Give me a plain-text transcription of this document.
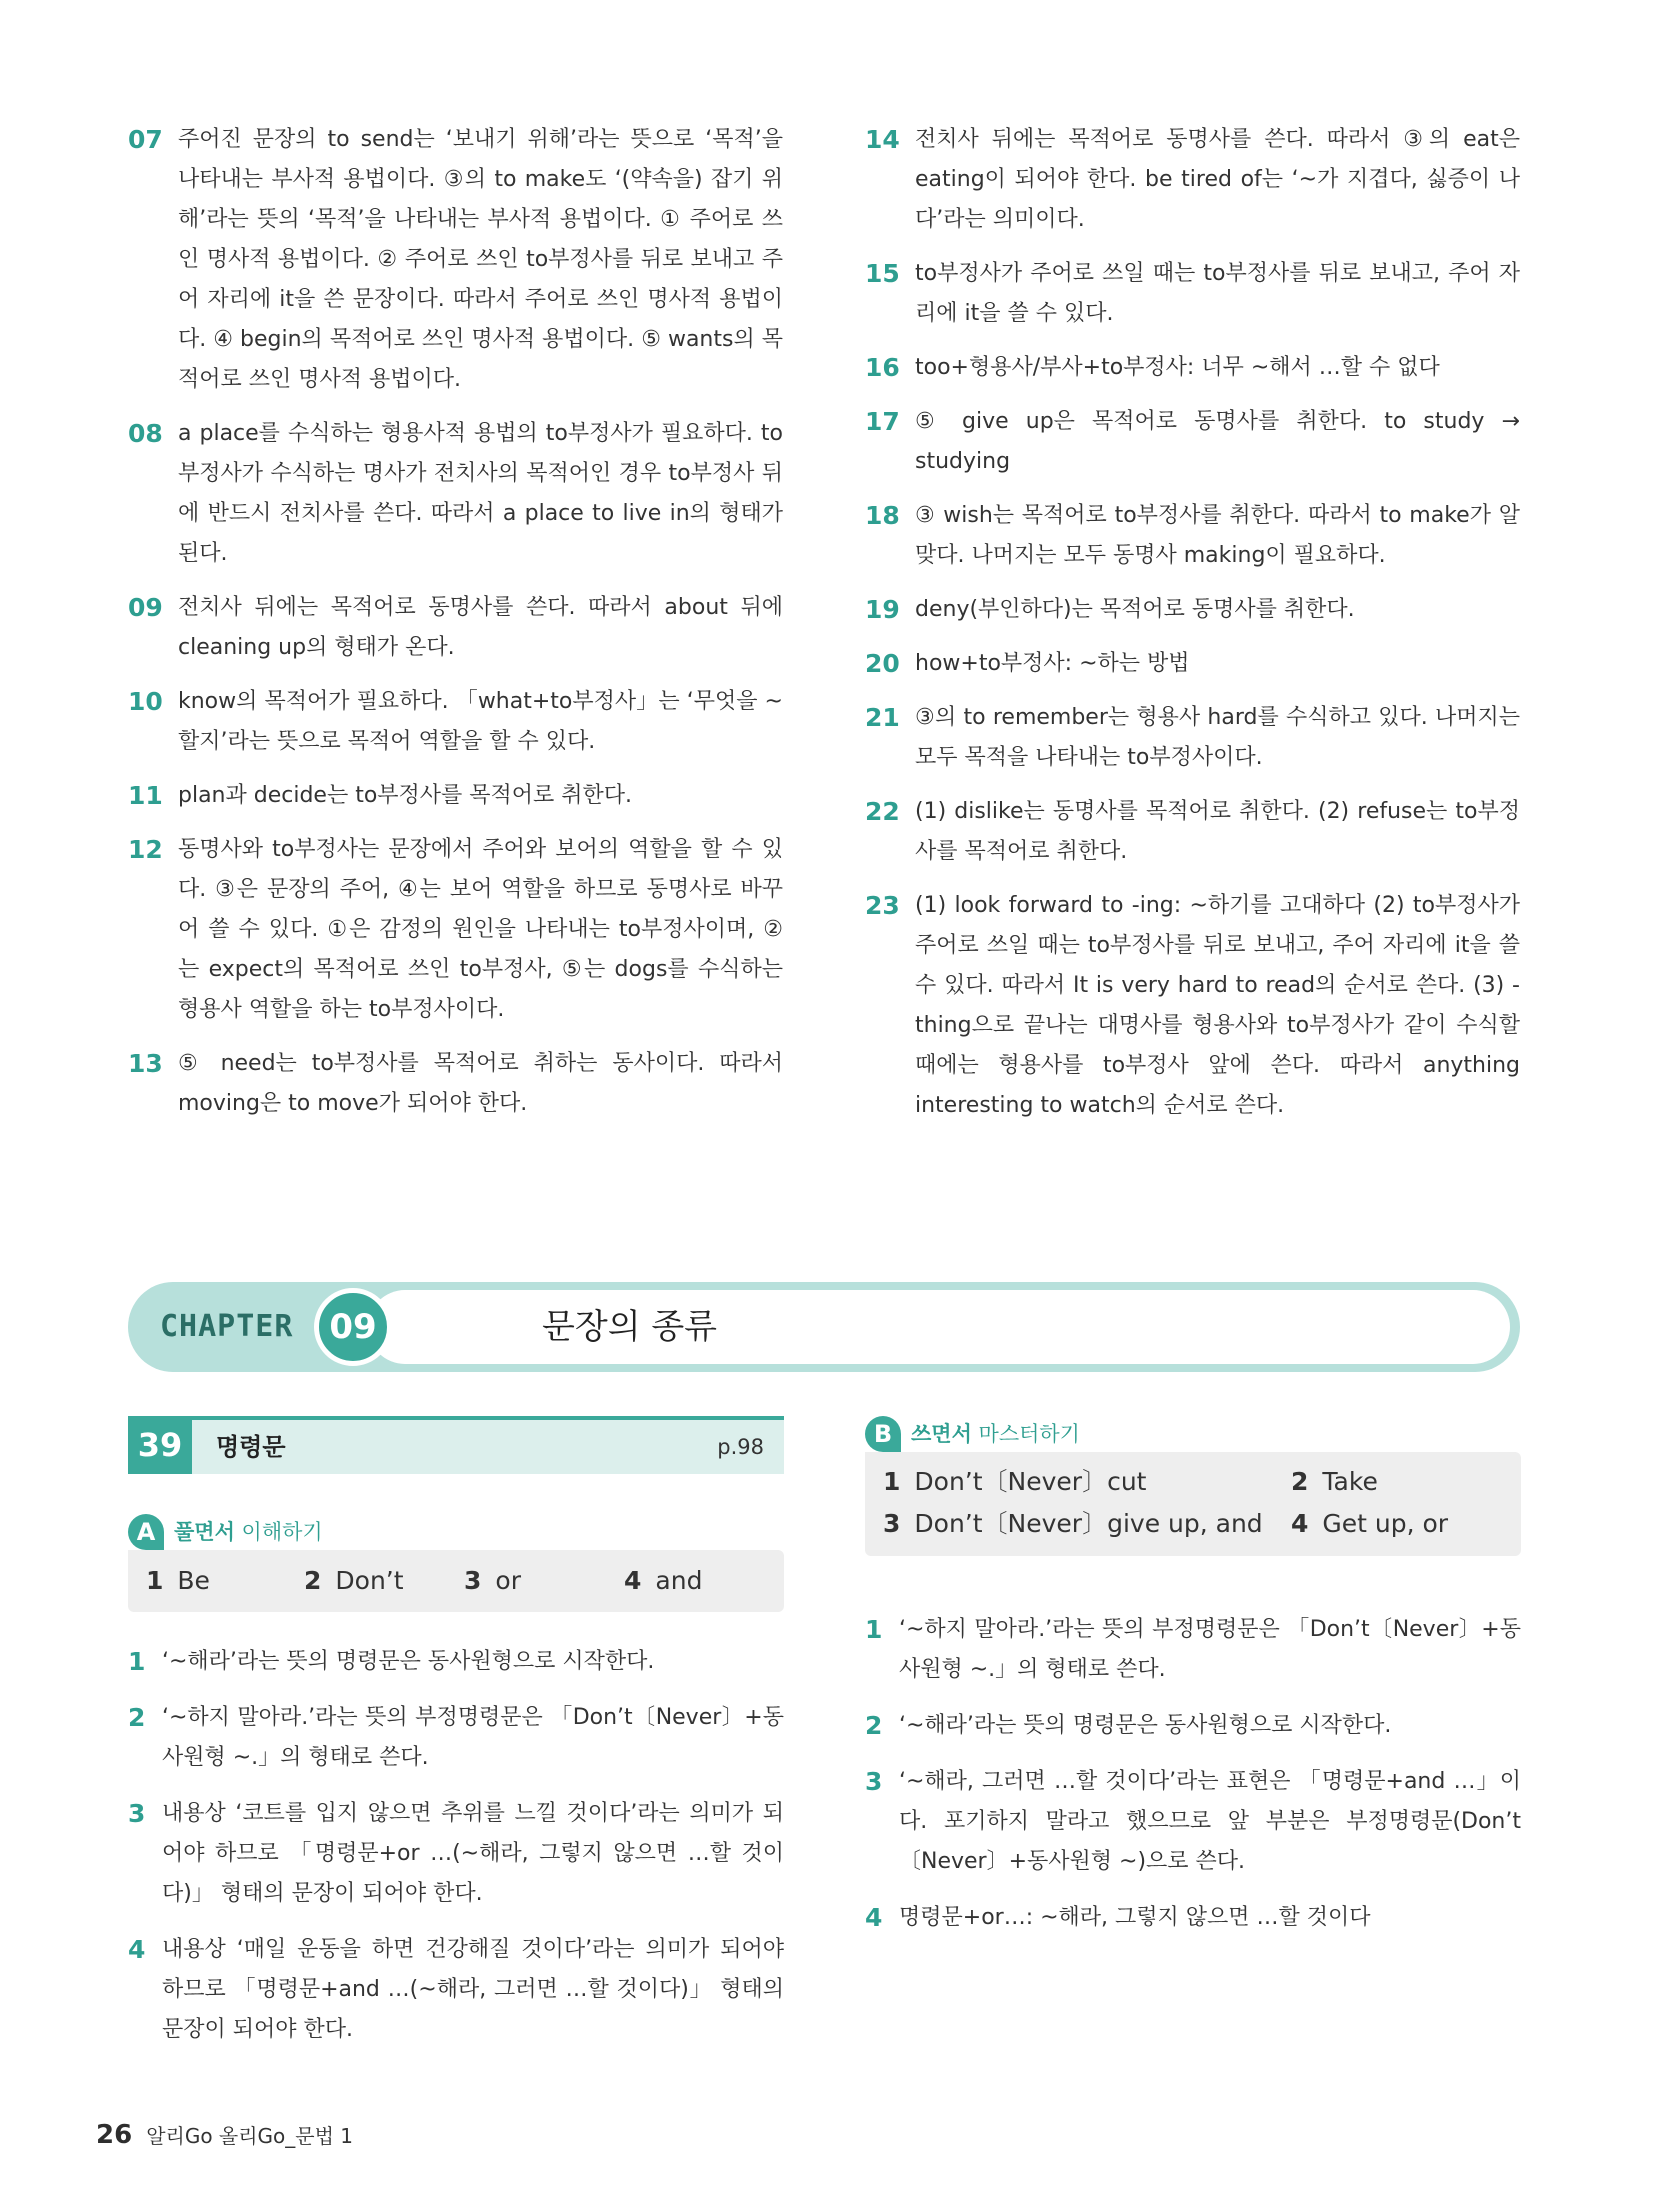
07 주어진 문장의 to send는 ‘보내기 위해’라는 뜻으로 ‘목적’을 나타내는 부사적 용법이다. ③의 to make도 ‘(약속을) 잡기 위해’라는 뜻의 ‘목적’을 나타내는 부사적 용법이다. ① 주어로 쓰인 명사적 용법이다. ② 주어로 쓰인 to부정사를 뒤로 보내고 주어 자리에 it을 쓴 문장이다. 따라서 주어로 쓰인 명사적 용법이다. ④ begin의 목적어로 쓰인 명사적 용법이다. ⑤ wants의 목적어로 쓰인 명사적 용법이다.
08 a place를 수식하는 형용사적 용법의 to부정사가 필요하다. to부정사가 수식하는 명사가 전치사의 목적어인 경우 to부정사 뒤에 반드시 전치사를 쓴다. 따라서 a place to live in의 형태가 된다.
09 전치사 뒤에는 목적어로 동명사를 쓴다. 따라서 about 뒤에 cleaning up의 형태가 온다.
10 know의 목적어가 필요하다. 「what+to부정사」는 ‘무엇을 ~할지’라는 뜻으로 목적어 역할을 할 수 있다.
11 plan과 decide는 to부정사를 목적어로 취한다.
12 동명사와 to부정사는 문장에서 주어와 보어의 역할을 할 수 있다. ③은 문장의 주어, ④는 보어 역할을 하므로 동명사로 바꾸어 쓸 수 있다. ①은 감정의 원인을 나타내는 to부정사이며, ②는 expect의 목적어로 쓰인 to부정사, ⑤는 dogs를 수식하는 형용사 역할을 하는 to부정사이다.
13 ⑤ need는 to부정사를 목적어로 취하는 동사이다. 따라서 moving은 to move가 되어야 한다.
14 전치사 뒤에는 목적어로 동명사를 쓴다. 따라서 ③의 eat은 eating이 되어야 한다. be tired of는 ‘~가 지겹다, 싫증이 나다’라는 의미이다.
15 to부정사가 주어로 쓰일 때는 to부정사를 뒤로 보내고, 주어 자리에 it을 쓸 수 있다.
16 too+형용사/부사+to부정사: 너무 ~해서 …할 수 없다
17 ⑤ give up은 목적어로 동명사를 취한다. to study → studying
18 ③ wish는 목적어로 to부정사를 취한다. 따라서 to make가 알맞다. 나머지는 모두 동명사 making이 필요하다.
19 deny(부인하다)는 목적어로 동명사를 취한다.
20 how+to부정사: ~하는 방법
21 ③의 to remember는 형용사 hard를 수식하고 있다. 나머지는 모두 목적을 나타내는 to부정사이다.
22 (1) dislike는 동명사를 목적어로 취한다. (2) refuse는 to부정사를 목적어로 취한다.
23 (1) look forward to -ing: ~하기를 고대하다 (2) to부정사가 주어로 쓰일 때는 to부정사를 뒤로 보내고, 주어 자리에 it을 쓸 수 있다. 따라서 It is very hard to read의 순서로 쓴다. (3) -thing으로 끝나는 대명사를 형용사와 to부정사가 같이 수식할 때에는 형용사를 to부정사 앞에 쓴다. 따라서 anything interesting to watch의 순서로 쓴다.
CHAPTER	09	문장의 종류
39	명령문	p.98
A 풀면서 이해하기
1 Be	2 Don’t 3 or	4 and
B 쓰면서 마스터하기
1 Don’t〔Never〕cut	2 Take
3 Don’t〔Never〕give up, and 4 Get up, or
1 ‘~해라’라는 뜻의 명령문은 동사원형으로 시작한다.
2 ‘~하지 말아라.’라는 뜻의 부정명령문은 「Don’t〔Never〕+동사원형 ~.」의 형태로 쓴다.
3 내용상 ‘코트를 입지 않으면 추위를 느낄 것이다’라는 의미가 되어야 하므로 「명령문+or …(~해라, 그렇지 않으면 …할 것이다)」 형태의 문장이 되어야 한다.
4 내용상 ‘매일 운동을 하면 건강해질 것이다’라는 의미가 되어야 하므로 「명령문+and …(~해라, 그러면 …할 것이다)」 형태의 문장이 되어야 한다.
1 ‘~하지 말아라.’라는 뜻의 부정명령문은 「Don’t〔Never〕+동사원형 ~.」의 형태로 쓴다.
2 ‘~해라’라는 뜻의 명령문은 동사원형으로 시작한다.
3 ‘~해라, 그러면 …할 것이다’라는 표현은 「명령문+and …」이다. 포기하지 말라고 했으므로 앞 부분은 부정명령문(Don’t〔Never〕+동사원형 ~)으로 쓴다.
4 명령문+or…: ~해라, 그렇지 않으면 …할 것이다
26 알리Go 올리Go_문법 1
